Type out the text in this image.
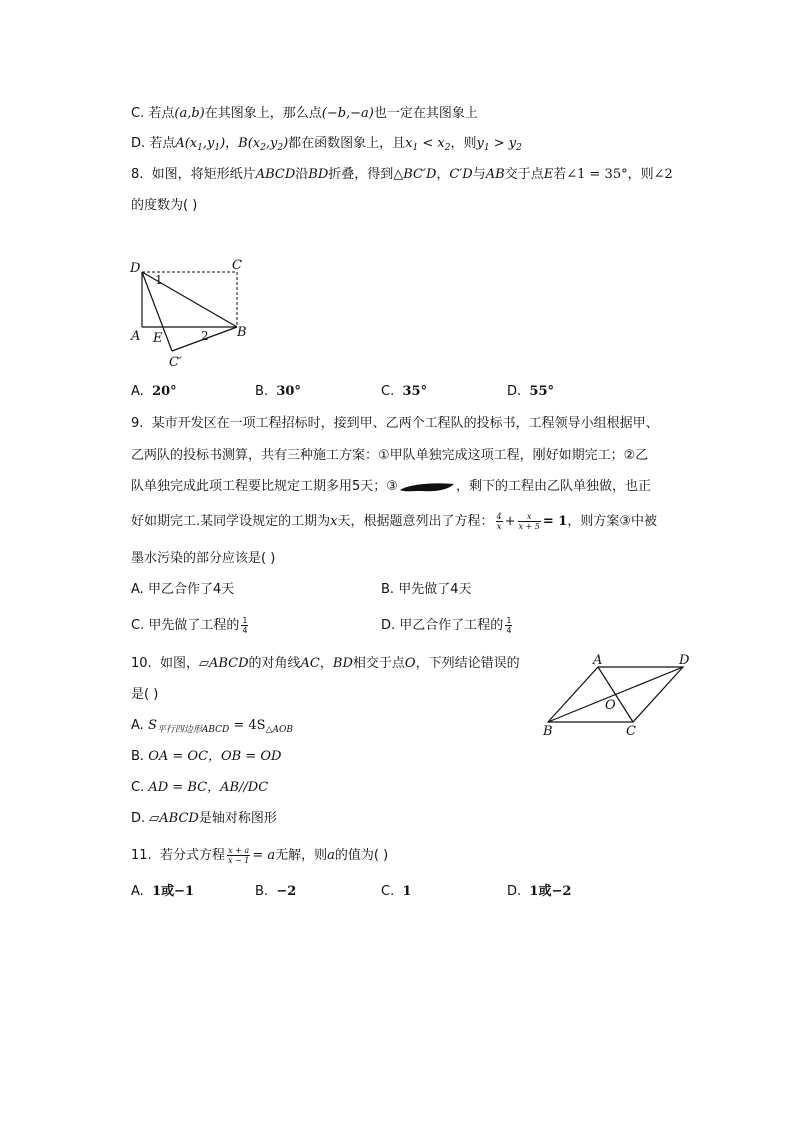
C. 若点(a,b)在其图象上，那么点(−b,−a)也一定在其图象上
D. 若点$A(x_1,y_1)$，$B(x_2,y_2)$都在函数图象上，且$x_1 < x_2$，则$y_1 > y_2$
8. 如图，将矩形纸片ABCD沿BD折叠，得到△BC′D，C′D与AB交于点E若∠1 = 35°，则∠2
的度数为( )
D	C
1
A E	2 B
C′
A. 20°	B. 30°	C. 35°	D. 55°
9. 某市开发区在一项工程招标时，接到甲、乙两个工程队的投标书，工程领导小组根据甲、
乙两队的投标书测算，共有三种施工方案：①甲队单独完成这项工程，刚好如期完工；②乙
队单独完成此项工程要比规定工期多用5天；③	，剩下的工程由乙队单独做，也正
好如期完工.某同学设规定的工期为x天，根据题意列出了方程： $\frac{4}{x} + \frac{x}{x + 5} = 1$，则方案③中被
墨水污染的部分应该是( )
A. 甲乙合作了4天	B. 甲先做了4天
C. 甲先做了工程的 $\frac{1}{4}$	D. 甲乙合作了工程的 $\frac{1}{4}$
10. 如图，▱ABCD的对角线AC，BD相交于点O，下列结论错误的
是( )
A	D
O
B	C
A. $S_{平行四边形ABCD} = 4S_{\triangle AOB}$
B. OA = OC，OB = OD
C. AD = BC，AB//DC
D. ▱ABCD是轴对称图形
11. 若分式方程 $\frac{x + a}{x - 1} = a$无解，则a的值为( )
A. 1或−1	B. −2	C. 1	D. 1或−2
